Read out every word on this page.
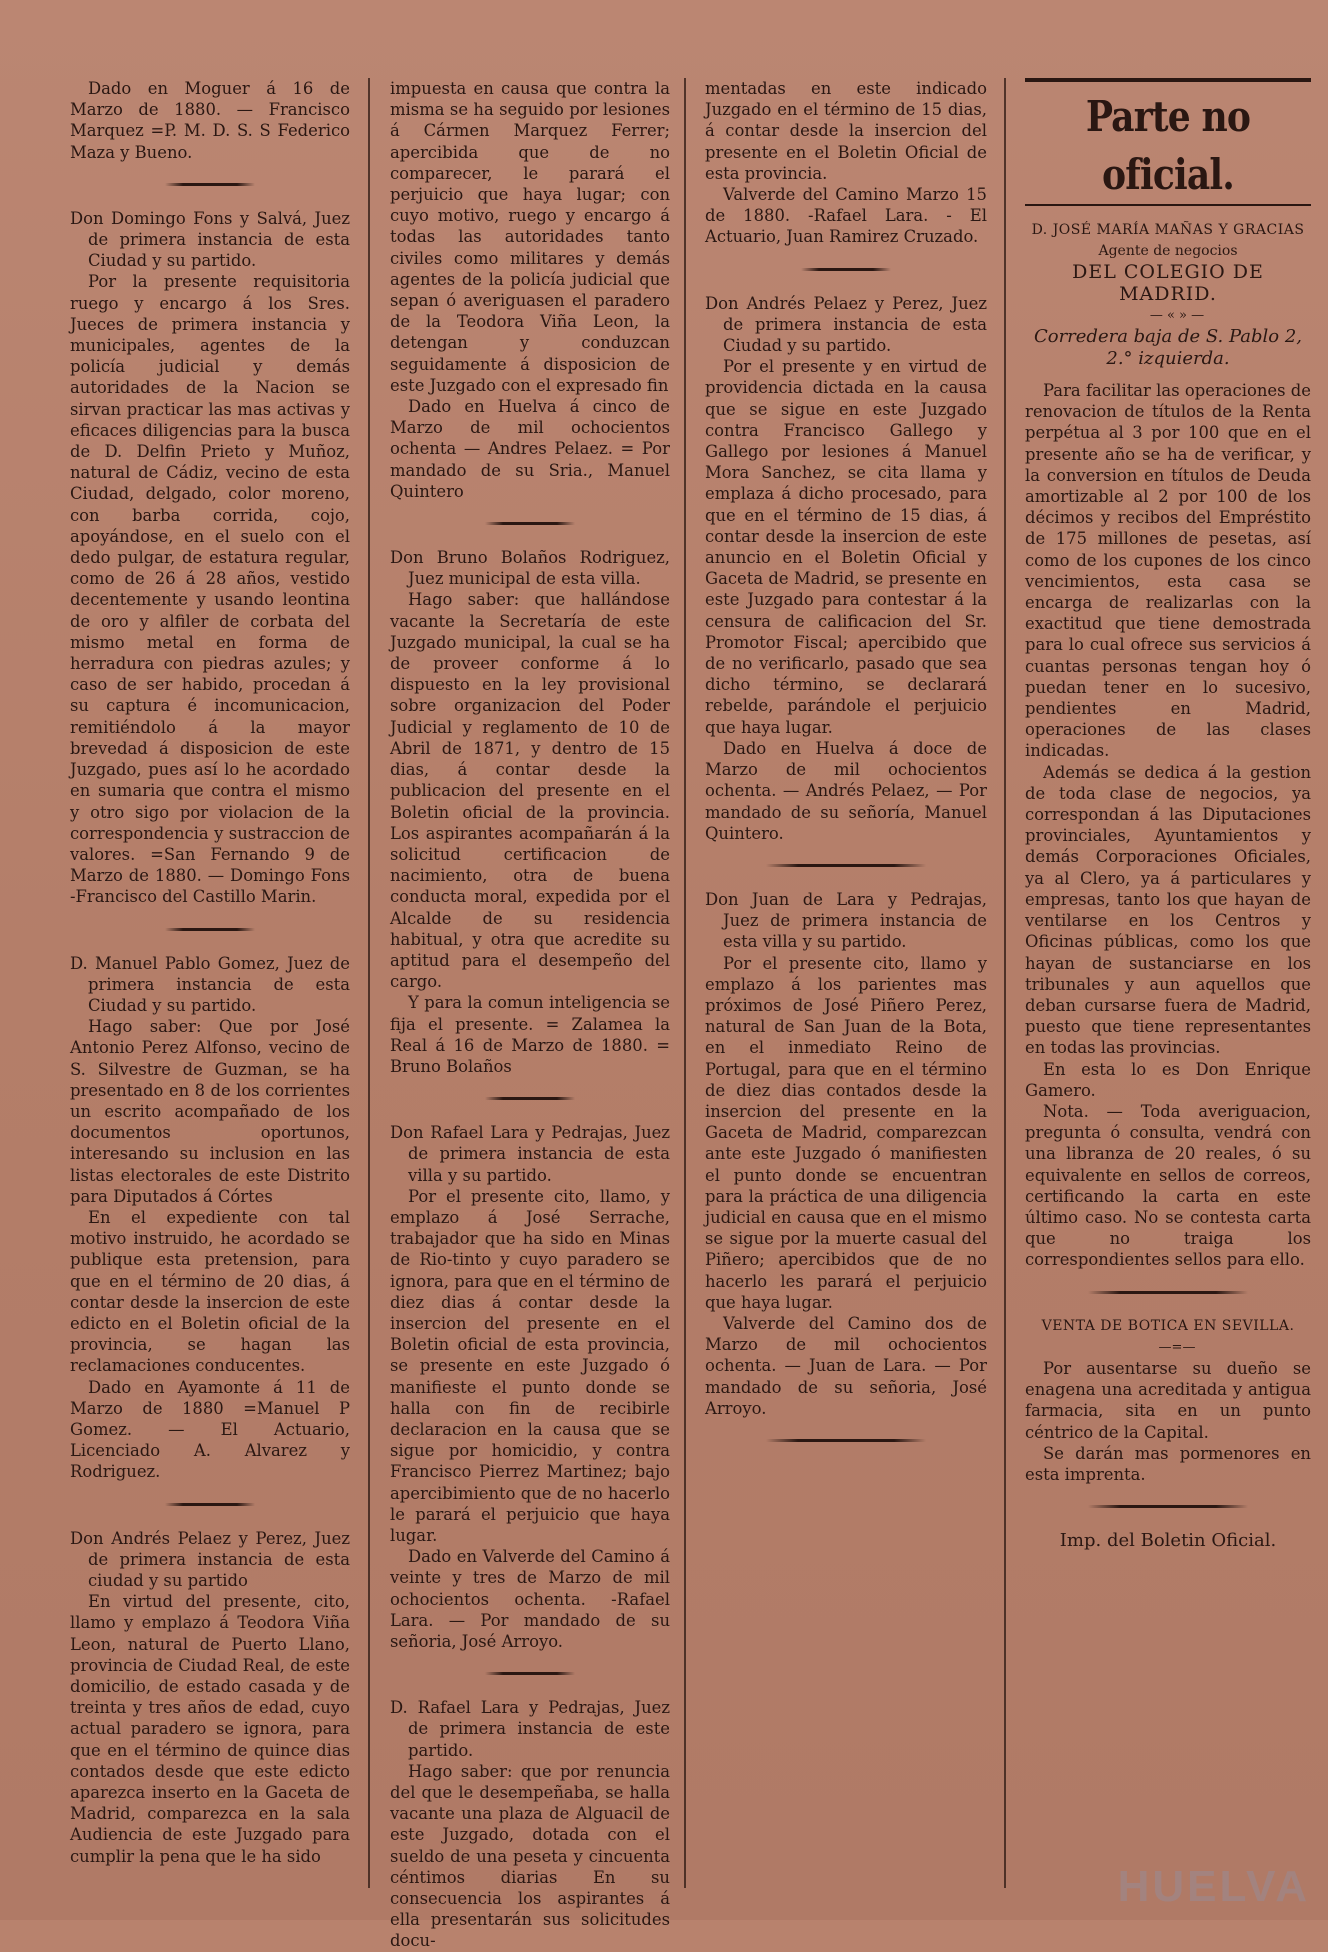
Dado en Moguer á 16 de Marzo de 1880. — Francisco Marquez =P. M. D. S. S Federico Maza y Bueno.

Don Domingo Fons y Salvá, Juez de primera instancia de esta Ciudad y su partido.

Por la presente requisitoria ruego y encargo á los Sres. Jueces de primera instancia y municipales, agentes de la policía judicial y demás autoridades de la Nacion se sirvan practicar las mas activas y eficaces diligencias para la busca de D. Delfin Prieto y Muñoz, natural de Cádiz, vecino de esta Ciudad, delgado, color moreno, con barba corrida, cojo, apoyándose, en el suelo con el dedo pulgar, de estatura regular, como de 26 á 28 años, vestido decentemente y usando leontina de oro y alfiler de corbata del mismo metal en forma de herradura con piedras azules; y caso de ser habido, procedan á su captura é incomunicacion, remitiéndolo á la mayor brevedad á disposicion de este Juzgado, pues así lo he acordado en sumaria que contra el mismo y otro sigo por violacion de la correspondencia y sustraccion de valores. =San Fernando 9 de Marzo de 1880. — Domingo Fons -Francisco del Castillo Marin.

D. Manuel Pablo Gomez, Juez de primera instancia de esta Ciudad y su partido.

Hago saber: Que por José Antonio Perez Alfonso, vecino de S. Silvestre de Guzman, se ha presentado en 8 de los corrientes un escrito acompañado de los documentos oportunos, interesando su inclusion en las listas electorales de este Distrito para Diputados á Córtes

En el expediente con tal motivo instruido, he acordado se publique esta pretension, para que en el término de 20 dias, á contar desde la insercion de este edicto en el Boletin oficial de la provincia, se hagan las reclamaciones conducentes.

Dado en Ayamonte á 11 de Marzo de 1880 =Manuel P Gomez. — El Actuario, Licenciado A. Alvarez y Rodriguez.

Don Andrés Pelaez y Perez, Juez de primera instancia de esta ciudad y su partido

En virtud del presente, cito, llamo y emplazo á Teodora Viña Leon, natural de Puerto Llano, provincia de Ciudad Real, de este domicilio, de estado casada y de treinta y tres años de edad, cuyo actual paradero se ignora, para que en el término de quince dias contados desde que este edicto aparezca inserto en la Gaceta de Madrid, comparezca en la sala Audiencia de este Juzgado para cumplir la pena que le ha sido

impuesta en causa que contra la misma se ha seguido por lesiones á Cármen Marquez Ferrer; apercibida que de no comparecer, le parará el perjuicio que haya lugar; con cuyo motivo, ruego y encargo á todas las autoridades tanto civiles como militares y demás agentes de la policía judicial que sepan ó averiguasen el paradero de la Teodora Viña Leon, la detengan y conduzcan seguidamente á disposicion de este Juzgado con el expresado fin

Dado en Huelva á cinco de Marzo de mil ochocientos ochenta — Andres Pelaez. = Por mandado de su Sria., Manuel Quintero

Don Bruno Bolaños Rodriguez, Juez municipal de esta villa.

Hago saber: que hallándose vacante la Secretaría de este Juzgado municipal, la cual se ha de proveer conforme á lo dispuesto en la ley provisional sobre organizacion del Poder Judicial y reglamento de 10 de Abril de 1871, y dentro de 15 dias, á contar desde la publicacion del presente en el Boletin oficial de la provincia. Los aspirantes acompañarán á la solicitud certificacion de nacimiento, otra de buena conducta moral, expedida por el Alcalde de su residencia habitual, y otra que acredite su aptitud para el desempeño del cargo.

Y para la comun inteligencia se fija el presente. = Zalamea la Real á 16 de Marzo de 1880. = Bruno Bolaños

Don Rafael Lara y Pedrajas, Juez de primera instancia de esta villa y su partido.

Por el presente cito, llamo, y emplazo á José Serrache, trabajador que ha sido en Minas de Rio-tinto y cuyo paradero se ignora, para que en el término de diez dias á contar desde la insercion del presente en el Boletin oficial de esta provincia, se presente en este Juzgado ó manifieste el punto donde se halla con fin de recibirle declaracion en la causa que se sigue por homicidio, y contra Francisco Pierrez Martinez; bajo apercibimiento que de no hacerlo le parará el perjuicio que haya lugar.

Dado en Valverde del Camino á veinte y tres de Marzo de mil ochocientos ochenta. -Rafael Lara. — Por mandado de su señoria, José Arroyo.

D. Rafael Lara y Pedrajas, Juez de primera instancia de este partido.

Hago saber: que por renuncia del que le desempeñaba, se halla vacante una plaza de Alguacil de este Juzgado, dotada con el sueldo de una peseta y cincuenta céntimos diarias En su consecuencia los aspirantes á ella presentarán sus solicitudes docu-

mentadas en este indicado Juzgado en el término de 15 dias, á contar desde la insercion del presente en el Boletin Oficial de esta provincia.

Valverde del Camino Marzo 15 de 1880. -Rafael Lara. - El Actuario, Juan Ramirez Cruzado.

Don Andrés Pelaez y Perez, Juez de primera instancia de esta Ciudad y su partido.

Por el presente y en virtud de providencia dictada en la causa que se sigue en este Juzgado contra Francisco Gallego y Gallego por lesiones á Manuel Mora Sanchez, se cita llama y emplaza á dicho procesado, para que en el término de 15 dias, á contar desde la insercion de este anuncio en el Boletin Oficial y Gaceta de Madrid, se presente en este Juzgado para contestar á la censura de calificacion del Sr. Promotor Fiscal; apercibido que de no verificarlo, pasado que sea dicho término, se declarará rebelde, parándole el perjuicio que haya lugar.

Dado en Huelva á doce de Marzo de mil ochocientos ochenta. — Andrés Pelaez, — Por mandado de su señoría, Manuel Quintero.

Don Juan de Lara y Pedrajas, Juez de primera instancia de esta villa y su partido.

Por el presente cito, llamo y emplazo á los parientes mas próximos de José Piñero Perez, natural de San Juan de la Bota, en el inmediato Reino de Portugal, para que en el término de diez dias contados desde la insercion del presente en la Gaceta de Madrid, comparezcan ante este Juzgado ó manifiesten el punto donde se encuentran para la práctica de una diligencia judicial en causa que en el mismo se sigue por la muerte casual del Piñero; apercibidos que de no hacerlo les parará el perjuicio que haya lugar.

Valverde del Camino dos de Marzo de mil ochocientos ochenta. — Juan de Lara. — Por mandado de su señoria, José Arroyo.

Parte no oficial.

D. JOSÉ MARÍA MAÑAS Y GRACIAS

Agente de negocios

DEL COLEGIO DE MADRID.

— « » —

Corredera baja de S. Pablo 2, 2.° izquierda.

Para facilitar las operaciones de renovacion de títulos de la Renta perpétua al 3 por 100 que en el presente año se ha de verificar, y la conversion en títulos de Deuda amortizable al 2 por 100 de los décimos y recibos del Empréstito de 175 millones de pesetas, así como de los cupones de los cinco vencimientos, esta casa se encarga de realizarlas con la exactitud que tiene demostrada para lo cual ofrece sus servicios á cuantas personas tengan hoy ó puedan tener en lo sucesivo, pendientes en Madrid, operaciones de las clases indicadas.

Además se dedica á la gestion de toda clase de negocios, ya correspondan á las Diputaciones provinciales, Ayuntamientos y demás Corporaciones Oficiales, ya al Clero, ya á particulares y empresas, tanto los que hayan de ventilarse en los Centros y Oficinas públicas, como los que hayan de sustanciarse en los tribunales y aun aquellos que deban cursarse fuera de Madrid, puesto que tiene representantes en todas las provincias.

En esta lo es Don Enrique Gamero.

Nota. — Toda averiguacion, pregunta ó consulta, vendrá con una libranza de 20 reales, ó su equivalente en sellos de correos, certificando la carta en este último caso. No se contesta carta que no traiga los correspondientes sellos para ello.

VENTA DE BOTICA EN SEVILLA.

—=—

Por ausentarse su dueño se enagena una acreditada y antigua farmacia, sita en un punto céntrico de la Capital.

Se darán mas pormenores en esta imprenta.

Imp. del Boletin Oficial.

HUELVA
